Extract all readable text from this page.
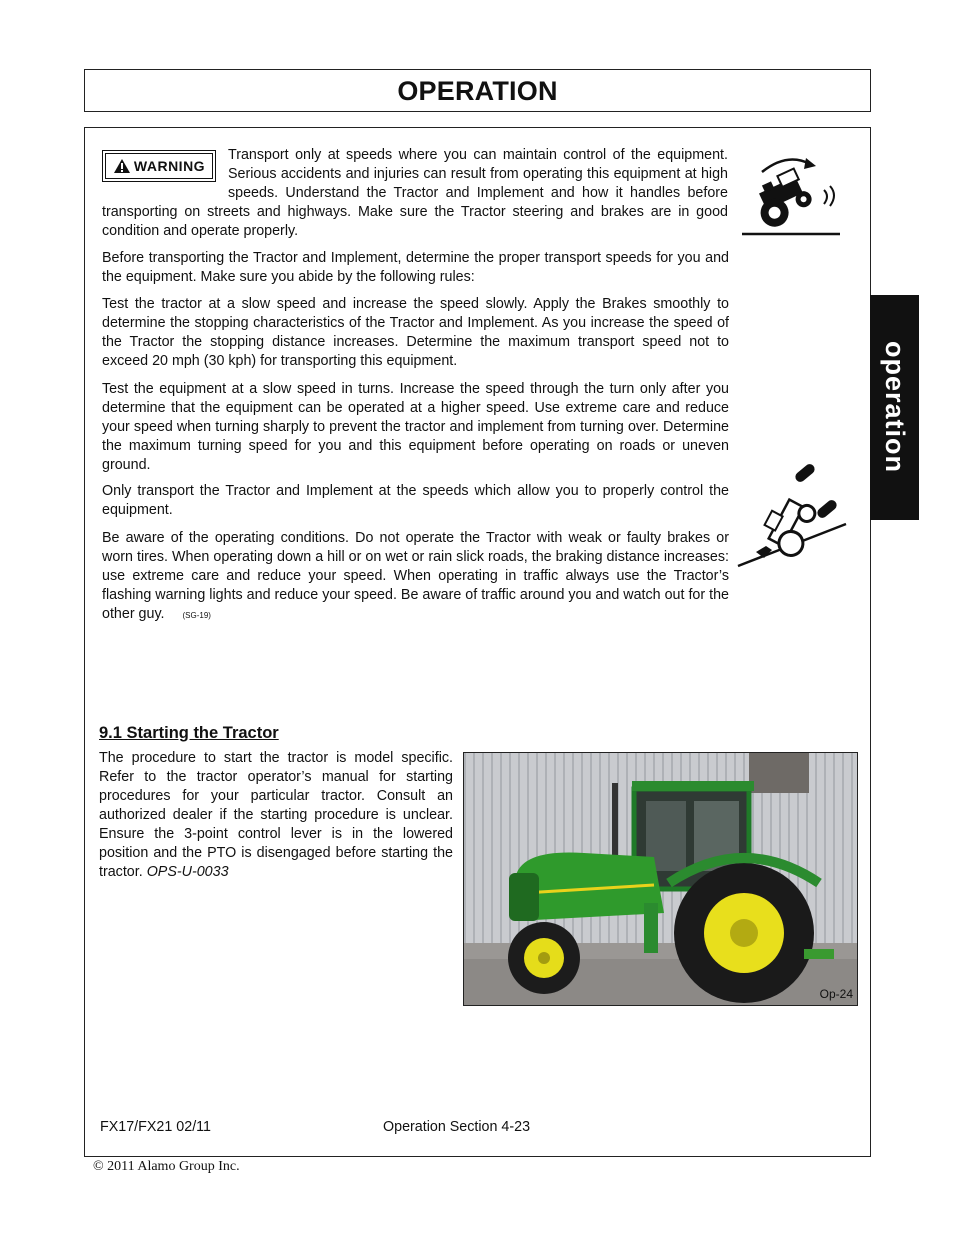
OPERATION
operation
WARNING
Transport only at speeds where you can maintain control of the equipment. Serious accidents and injuries can result from operating this equipment at high speeds. Understand the Tractor and Implement and how it handles before transporting on streets and highways. Make sure the Tractor steering and brakes are in good condition and operate properly.
Before transporting the Tractor and Implement, determine the proper transport speeds for you and the equipment. Make sure you abide by the following rules:
Test the tractor at a slow speed and increase the speed slowly. Apply the Brakes smoothly to determine the stopping characteristics of the Tractor and Implement. As you increase the speed of the Tractor the stopping distance increases. Determine the maximum transport speed not to exceed 20 mph (30 kph) for transporting this equipment.
Test the equipment at a slow speed in turns. Increase the speed through the turn only after you determine that the equipment can be operated at a higher speed. Use extreme care and reduce your speed when turning sharply to prevent the tractor and implement from turning over. Determine the maximum turning speed for you and this equipment before operating on roads or uneven ground.
Only transport the Tractor and Implement at the speeds which allow you to properly control the equipment.
Be aware of the operating conditions. Do not operate the Tractor with weak or faulty brakes or worn tires. When operating down a hill or on wet or rain slick roads, the braking distance increases: use extreme care and reduce your speed. When operating in traffic always use the Tractor’s flashing warning lights and reduce your speed. Be aware of traffic around you and watch out for the other guy. (SG-19)
9.1 Starting the Tractor
The procedure to start the tractor is model specific. Refer to the tractor operator’s manual for starting procedures for your particular tractor. Consult an authorized dealer if the starting procedure is unclear. Ensure the 3-point control lever is in the lowered position and the PTO is disengaged before starting the tractor. OPS-U-0033
Op-24
FX17/FX21 02/11	Operation Section 4-23
© 2011 Alamo Group Inc.
